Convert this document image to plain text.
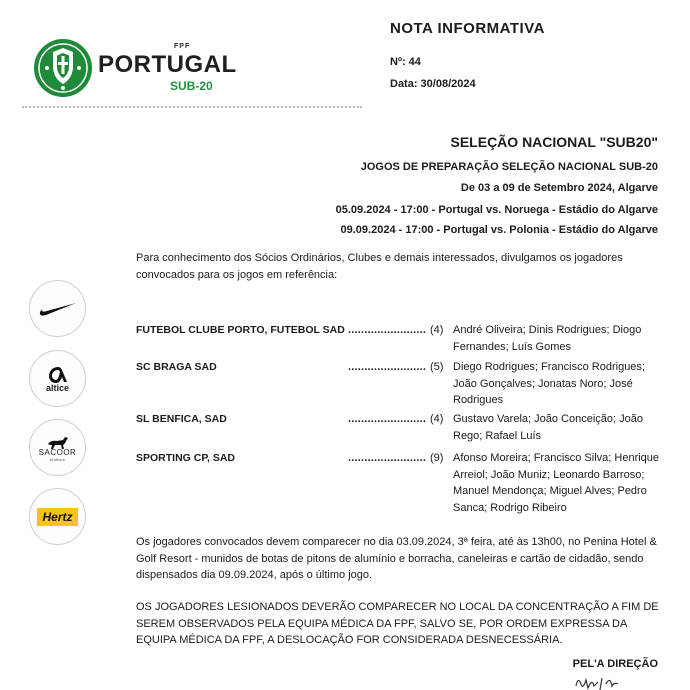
FPF
PORTUGAL
SUB-20
NOTA INFORMATIVA
Nº: 44
Data: 30/08/2024
SELEÇÃO NACIONAL "SUB20"
JOGOS DE PREPARAÇÃO SELEÇÃO NACIONAL SUB-20
De 03 a 09 de Setembro 2024, Algarve
05.09.2024 - 17:00 - Portugal vs. Noruega - Estádio do Algarve
09.09.2024 - 17:00 - Portugal vs. Polonia - Estádio do Algarve

Para conhecimento dos Sócios Ordinários, Clubes e demais interessados, divulgamos os jogadores convocados para os jogos em referência:

altice
SACOOR
brothers
Hertz
FUTEBOL CLUBE PORTO, FUTEBOL SAD ........................ (4) André Oliveira; Dinis Rodrigues; Diogo Fernandes; Luís Gomes
SC BRAGA SAD	........................ (5) Diego Rodrigues; Francisco Rodrigues; João Gonçalves; Jonatas Noro; José Rodrigues
SL BENFICA, SAD	........................ (4) Gustavo Varela; João Conceição; João Rego; Rafael Luís
SPORTING CP, SAD	........................ (9) Afonso Moreira; Francisco Silva; Henrique Arreiol; João Muniz; Leonardo Barroso; Manuel Mendonça; Miguel Alves; Pedro Sanca; Rodrigo Ribeiro

Os jogadores convocados devem comparecer no dia 03.09.2024, 3ª feira, até às 13h00, no Penina Hotel & Golf Resort - munidos de botas de pitons de alumínio e borracha, caneleiras e cartão de cidadão, sendo dispensados dia 09.09.2024, após o último jogo.

OS JOGADORES LESIONADOS DEVERÃO COMPARECER NO LOCAL DA CONCENTRAÇÃO A FIM DE SEREM OBSERVADOS PELA EQUIPA MÉDICA DA FPF, SALVO SE, POR ORDEM EXPRESSA DA EQUIPA MÉDICA DA FPF, A DESLOCAÇÃO FOR CONSIDERADA DESNECESSÁRIA.

PEL'A DIREÇÃO
